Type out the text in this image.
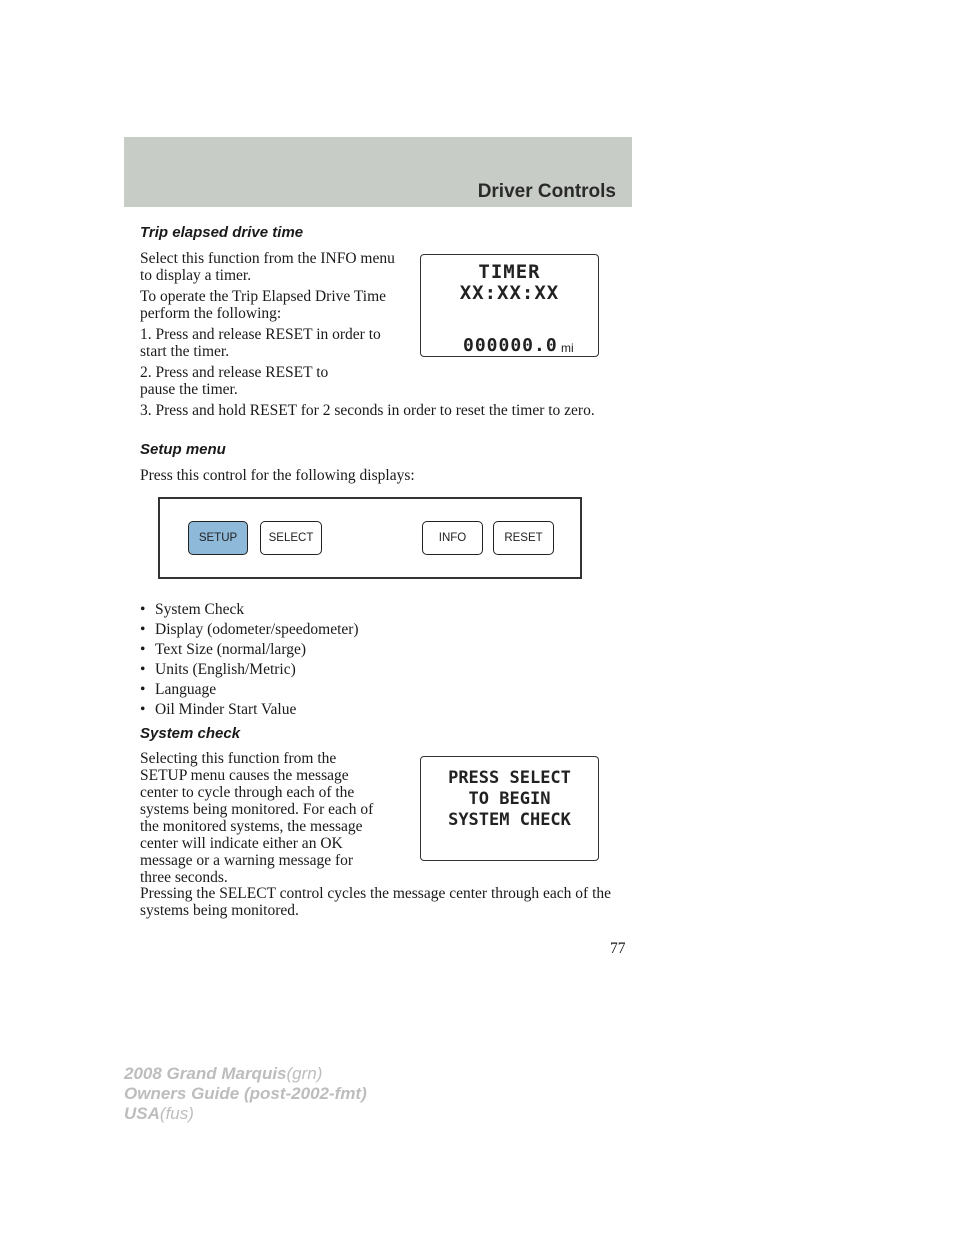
Driver Controls
Trip elapsed drive time

Select this function from the INFO menu to display a timer.

To operate the Trip Elapsed Drive Time perform the following:

1. Press and release RESET in order to start the timer.

2. Press and release RESET to pause the timer.

3. Press and hold RESET for 2 seconds in order to reset the timer to zero.

TIMER
XX:XX:XX
000000.0 mi
Setup menu

Press this control for the following displays:

SETUP	SELECT	INFO	RESET
• System Check
• Display (odometer/speedometer)
• Text Size (normal/large)
• Units (English/Metric)
• Language
• Oil Minder Start Value
System check

Selecting this function from the SETUP menu causes the message center to cycle through each of the systems being monitored. For each of the monitored systems, the message center will indicate either an OK message or a warning message for three seconds.

Pressing the SELECT control cycles the message center through each of the systems being monitored.

PRESS SELECT
TO BEGIN
SYSTEM CHECK
77
2008 Grand Marquis(grn)
Owners Guide (post-2002-fmt)
USA(fus)
